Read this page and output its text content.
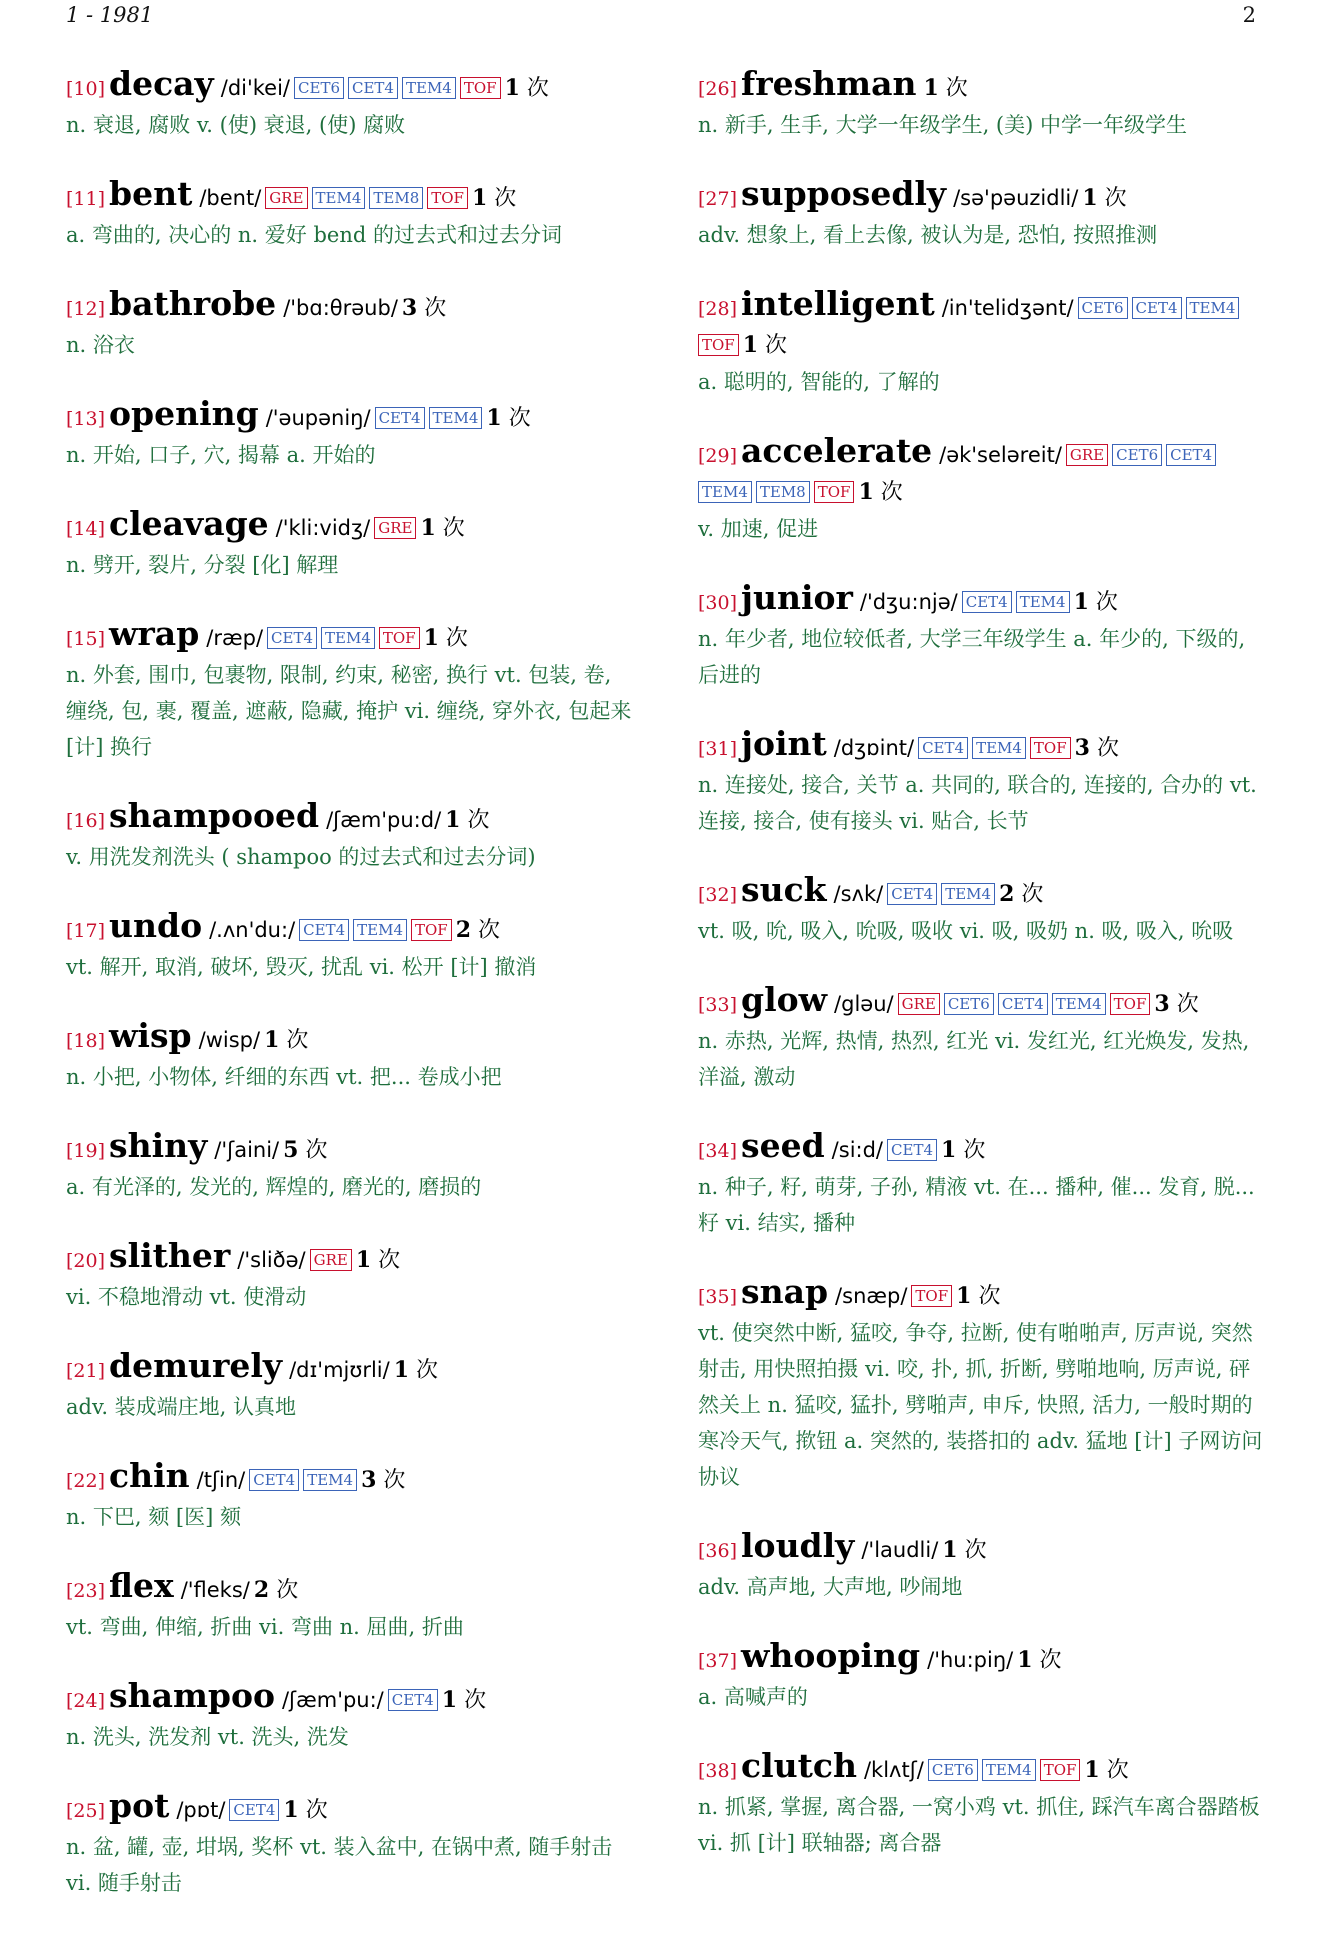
1 - 1981	2
[10] decay /di'kei/ CET6 CET4 TEM4 TOF 1 次
n. 衰退, 腐败 v. (使) 衰退, (使) 腐败
[11] bent /bent/ GRE TEM4 TEM8 TOF 1 次
a. 弯曲的, 决心的 n. 爱好 bend 的过去式和过去分词
[12] bathrobe /'bɑ:θrəub/ 3 次
n. 浴衣
[13] opening /'əupəniŋ/ CET4 TEM4 1 次
n. 开始, 口子, 穴, 揭幕 a. 开始的
[14] cleavage /'kli:vidʒ/ GRE 1 次
n. 劈开, 裂片, 分裂 [化] 解理
[15] wrap /ræp/ CET4 TEM4 TOF 1 次
n. 外套, 围巾, 包裹物, 限制, 约束, 秘密, 换行 vt. 包装, 卷, 缠绕, 包, 裹, 覆盖, 遮蔽, 隐藏, 掩护 vi. 缠绕, 穿外衣, 包起来 [计] 换行
[16] shampooed /ʃæm'pu:d/ 1 次
v. 用洗发剂洗头 ( shampoo 的过去式和过去分词)
[17] undo /.ʌn'du:/ CET4 TEM4 TOF 2 次
vt. 解开, 取消, 破坏, 毁灭, 扰乱 vi. 松开 [计] 撤消
[18] wisp /wisp/ 1 次
n. 小把, 小物体, 纤细的东西 vt. 把... 卷成小把
[19] shiny /'ʃaini/ 5 次
a. 有光泽的, 发光的, 辉煌的, 磨光的, 磨损的
[20] slither /'sliðə/ GRE 1 次
vi. 不稳地滑动 vt. 使滑动
[21] demurely /dɪ'mjʊrli/ 1 次
adv. 装成端庄地, 认真地
[22] chin /tʃin/ CET4 TEM4 3 次
n. 下巴, 颏 [医] 颏
[23] flex /'fleks/ 2 次
vt. 弯曲, 伸缩, 折曲 vi. 弯曲 n. 屈曲, 折曲
[24] shampoo /ʃæm'pu:/ CET4 1 次
n. 洗头, 洗发剂 vt. 洗头, 洗发
[25] pot /pɒt/ CET4 1 次
n. 盆, 罐, 壶, 坩埚, 奖杯 vt. 装入盆中, 在锅中煮, 随手射击 vi. 随手射击
[26] freshman 1 次
n. 新手, 生手, 大学一年级学生, (美) 中学一年级学生
[27] supposedly /sə'pəuzidli/ 1 次
adv. 想象上, 看上去像, 被认为是, 恐怕, 按照推测
[28] intelligent /in'telidʒənt/ CET6 CET4 TEM4
TOF 1 次
a. 聪明的, 智能的, 了解的
[29] accelerate /ək'seləreit/ GRE CET6 CET4
TEM4 TEM8 TOF 1 次
v. 加速, 促进
[30] junior /'dʒu:njə/ CET4 TEM4 1 次
n. 年少者, 地位较低者, 大学三年级学生 a. 年少的, 下级的, 后进的
[31] joint /dʒɒint/ CET4 TEM4 TOF 3 次
n. 连接处, 接合, 关节 a. 共同的, 联合的, 连接的, 合办的 vt. 连接, 接合, 使有接头 vi. 贴合, 长节
[32] suck /sʌk/ CET4 TEM4 2 次
vt. 吸, 吮, 吸入, 吮吸, 吸收 vi. 吸, 吸奶 n. 吸, 吸入, 吮吸
[33] glow /gləu/ GRE CET6 CET4 TEM4 TOF 3 次
n. 赤热, 光辉, 热情, 热烈, 红光 vi. 发红光, 红光焕发, 发热, 洋溢, 激动
[34] seed /si:d/ CET4 1 次
n. 种子, 籽, 萌芽, 子孙, 精液 vt. 在... 播种, 催... 发育, 脱... 籽 vi. 结实, 播种
[35] snap /snæp/ TOF 1 次
vt. 使突然中断, 猛咬, 争夺, 拉断, 使有啪啪声, 厉声说, 突然射击, 用快照拍摄 vi. 咬, 扑, 抓, 折断, 劈啪地响, 厉声说, 砰然关上 n. 猛咬, 猛扑, 劈啪声, 申斥, 快照, 活力, 一般时期的寒冷天气, 揿钮 a. 突然的, 装搭扣的 adv. 猛地 [计] 子网访问协议
[36] loudly /'laudli/ 1 次
adv. 高声地, 大声地, 吵闹地
[37] whooping /'hu:piŋ/ 1 次
a. 高喊声的
[38] clutch /klʌtʃ/ CET6 TEM4 TOF 1 次
n. 抓紧, 掌握, 离合器, 一窝小鸡 vt. 抓住, 踩汽车离合器踏板 vi. 抓 [计] 联轴器; 离合器
